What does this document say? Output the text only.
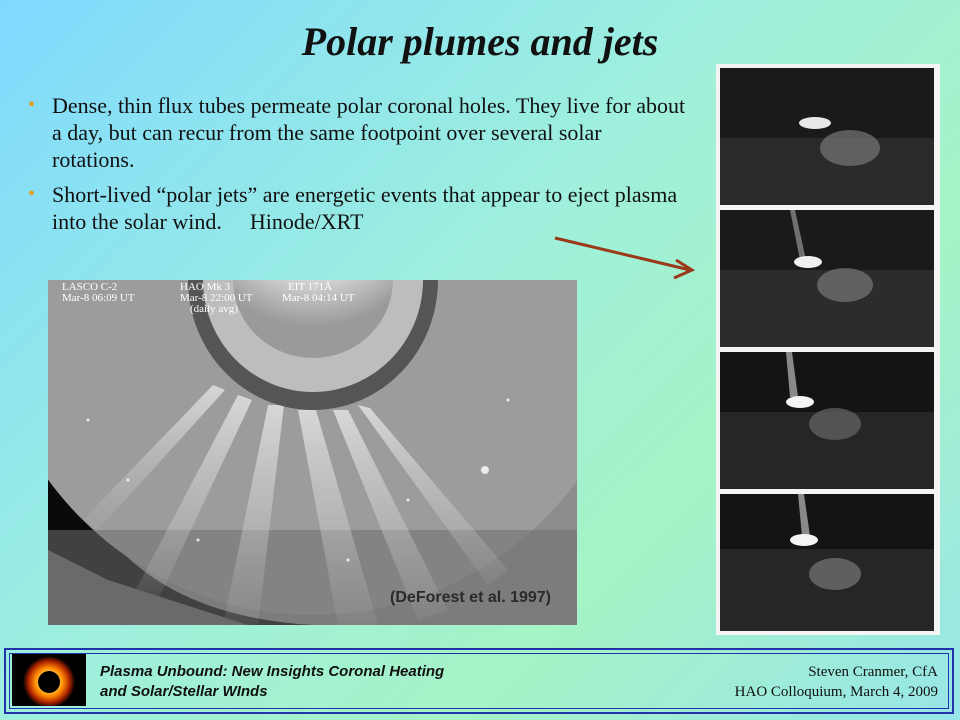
Polar plumes and jets
• Dense, thin flux tubes permeate polar coronal holes. They live for about a day, but can recur from the same footpoint over several solar rotations.
• Short-lived “polar jets” are energetic events that appear to eject plasma into the solar wind. Hinode/XRT
LASCO C-2
Mar-8 06:09 UT
HAO Mk 3
Mar-8 22:00 UT
(daily avg)
EIT 171Å
Mar-8 04:14 UT
(DeForest et al. 1997)
Plasma Unbound: New Insights Coronal Heating
and Solar/Stellar WInds
Steven Cranmer, CfA
HAO Colloquium, March 4, 2009
